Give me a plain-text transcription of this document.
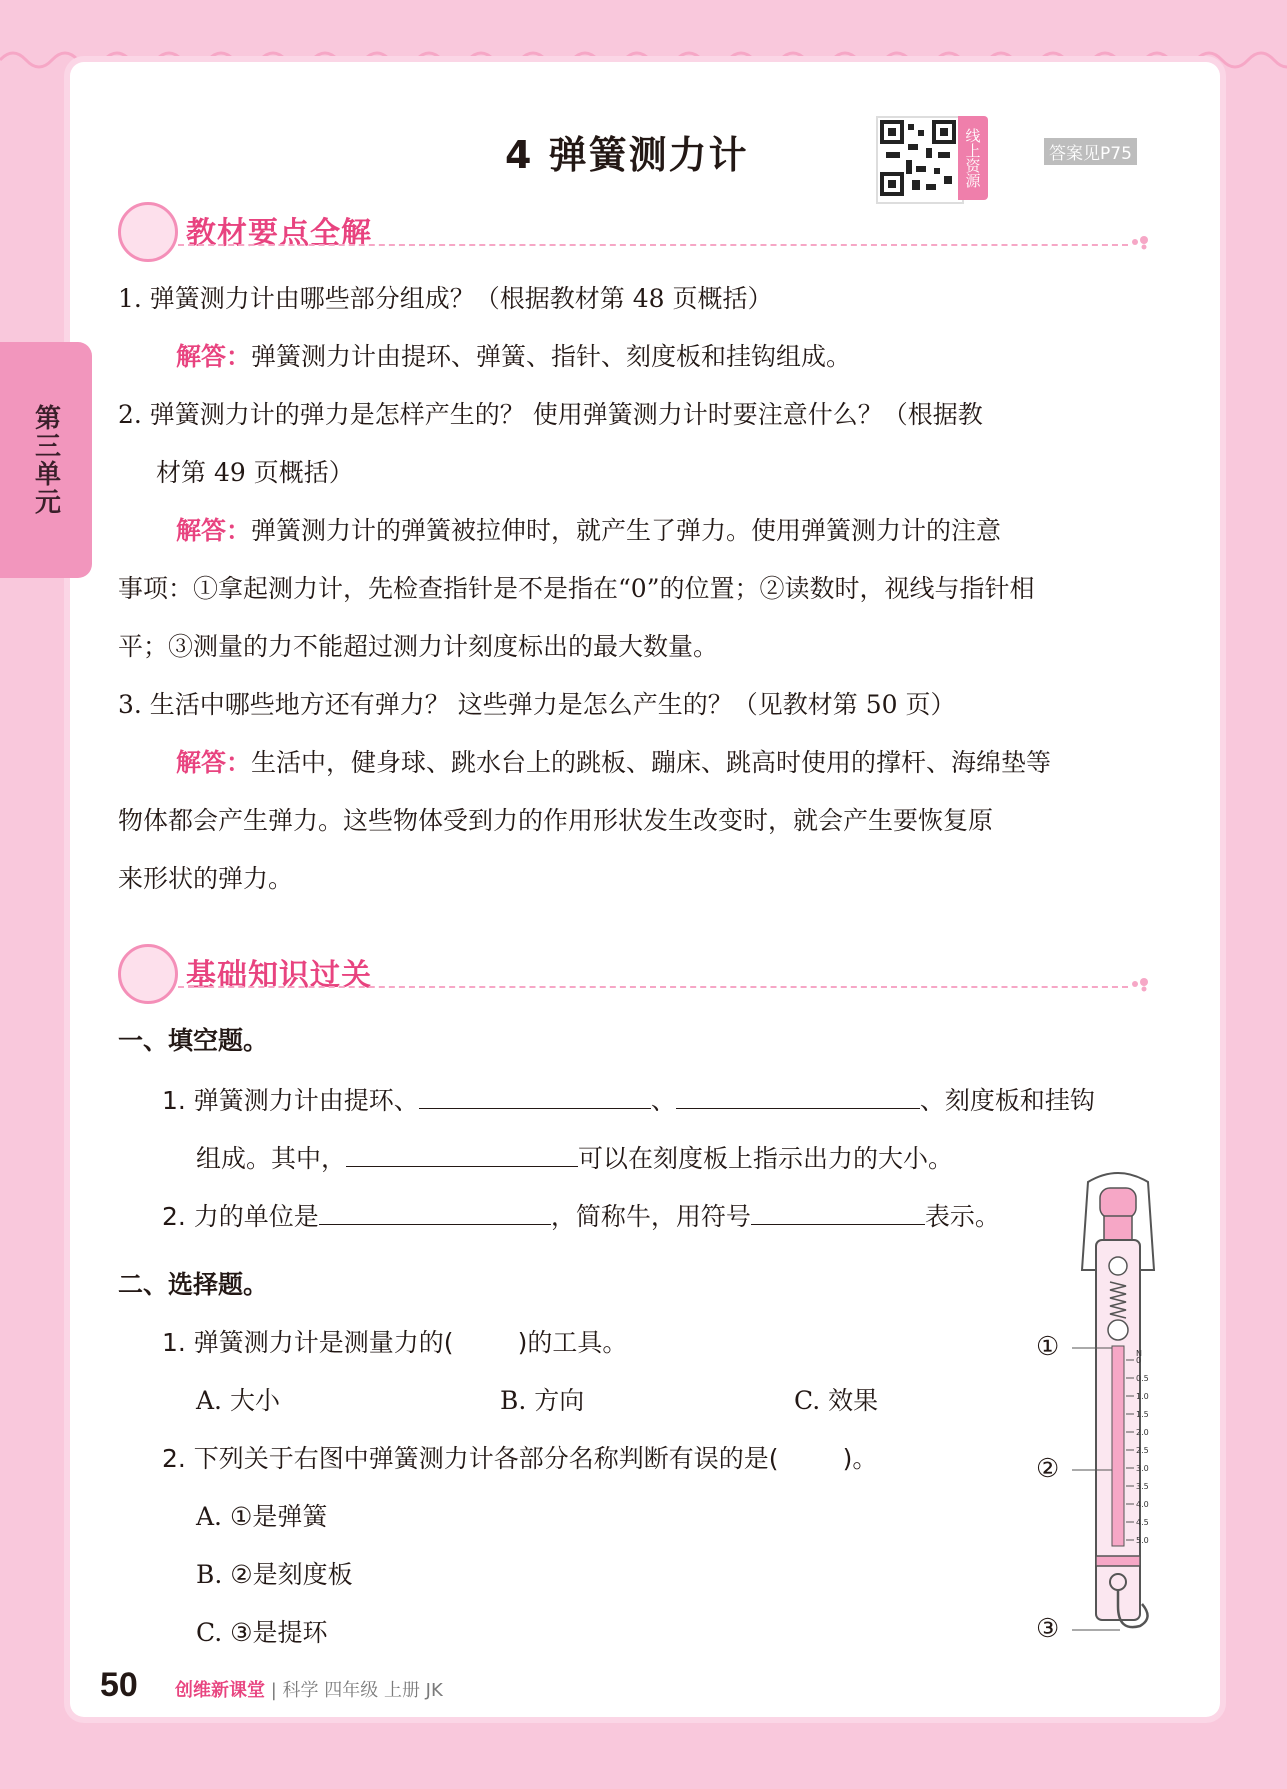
第三单元
4 弹簧测力计	线上资源	答案见P75
教材要点全解
1. 弹簧测力计由哪些部分组成？（根据教材第 48 页概括）
解答：弹簧测力计由提环、弹簧、指针、刻度板和挂钩组成。
2. 弹簧测力计的弹力是怎样产生的？ 使用弹簧测力计时要注意什么？（根据教
材第 49 页概括）
解答：弹簧测力计的弹簧被拉伸时，就产生了弹力。使用弹簧测力计的注意
事项：①拿起测力计，先检查指针是不是指在“0”的位置；②读数时，视线与指针相
平；③测量的力不能超过测力计刻度标出的最大数量。
3. 生活中哪些地方还有弹力？ 这些弹力是怎么产生的？（见教材第 50 页）
解答：生活中，健身球、跳水台上的跳板、蹦床、跳高时使用的撑杆、海绵垫等
物体都会产生弹力。这些物体受到力的作用形状发生改变时，就会产生要恢复原
来形状的弹力。
基础知识过关
一、填空题。
1. 弹簧测力计由提环、	、	、刻度板和挂钩
组成。其中，	可以在刻度板上指示出力的大小。
2. 力的单位是	，简称牛，用符号	表示。
二、选择题。
1. 弹簧测力计是测量力的(	)的工具。
A. 大小	B. 方向	C. 效果
2. 下列关于右图中弹簧测力计各部分名称判断有误的是(	)。
A. ①是弹簧
B. ②是刻度板
C. ③是提环
N
0
0.5
1.0
1.5
2.0
2.5
3.0
3.5
4.0
4.5
5.0
①
②
③
50 创维新课堂 | 科学 四年级 上册 JK
